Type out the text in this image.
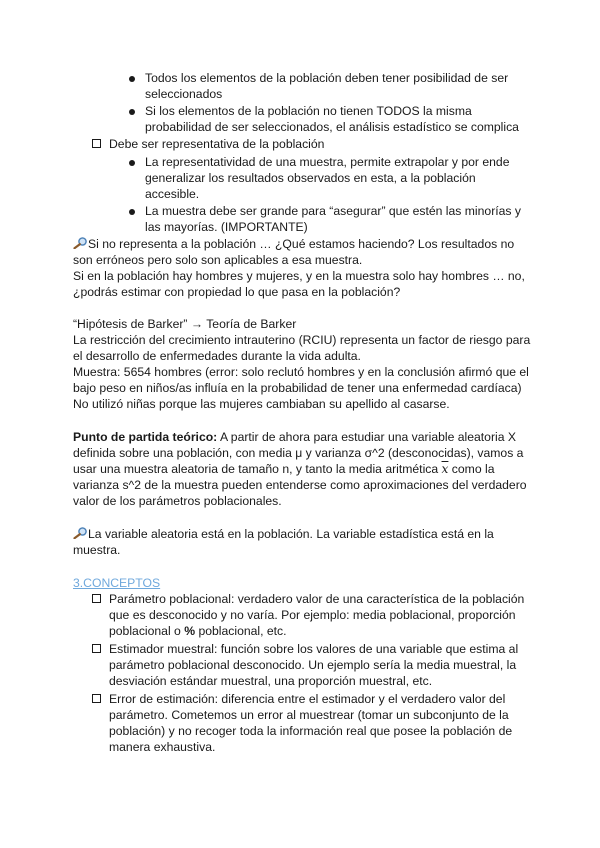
Todos los elementos de la población deben tener posibilidad de ser seleccionados
Si los elementos de la población no tienen TODOS la misma probabilidad de ser seleccionados, el análisis estadístico se complica
Debe ser representativa de la población
La representatividad de una muestra, permite extrapolar y por ende generalizar los resultados observados en esta, a la población accesible.
La muestra debe ser grande para “asegurar” que estén las minorías y las mayorías. (IMPORTANTE)

Si no representa a la población … ¿Qué estamos haciendo? Los resultados no son erróneos pero solo son aplicables a esa muestra.

Si en la población hay hombres y mujeres, y en la muestra solo hay hombres … no, ¿podrás estimar con propiedad lo que pasa en la población?

“Hipótesis de Barker” → Teoría de Barker

La restricción del crecimiento intrauterino (RCIU) representa un factor de riesgo para el desarrollo de enfermedades durante la vida adulta.

Muestra: 5654 hombres (error: solo reclutó hombres y en la conclusión afirmó que el bajo peso en niños/as influía en la probabilidad de tener una enfermedad cardíaca)

No utilizó niñas porque las mujeres cambiaban su apellido al casarse.

Punto de partida teórico: A partir de ahora para estudiar una variable aleatoria X definida sobre una población, con media μ y varianza σ^2 (desconocidas), vamos a usar una muestra aleatoria de tamaño n, y tanto la media aritmética $\overline{x}$ como la varianza s^2 de la muestra pueden entenderse como aproximaciones del verdadero valor de los parámetros poblacionales.

La variable aleatoria está en la población. La variable estadística está en la muestra.

3.CONCEPTOS

Parámetro poblacional: verdadero valor de una característica de la población que es desconocido y no varía. Por ejemplo: media poblacional, proporción poblacional o % poblacional, etc.
Estimador muestral: función sobre los valores de una variable que estima al parámetro poblacional desconocido. Un ejemplo sería la media muestral, la desviación estándar muestral, una proporción muestral, etc.
Error de estimación: diferencia entre el estimador y el verdadero valor del parámetro. Cometemos un error al muestrear (tomar un subconjunto de la población) y no recoger toda la información real que posee la población de manera exhaustiva.
